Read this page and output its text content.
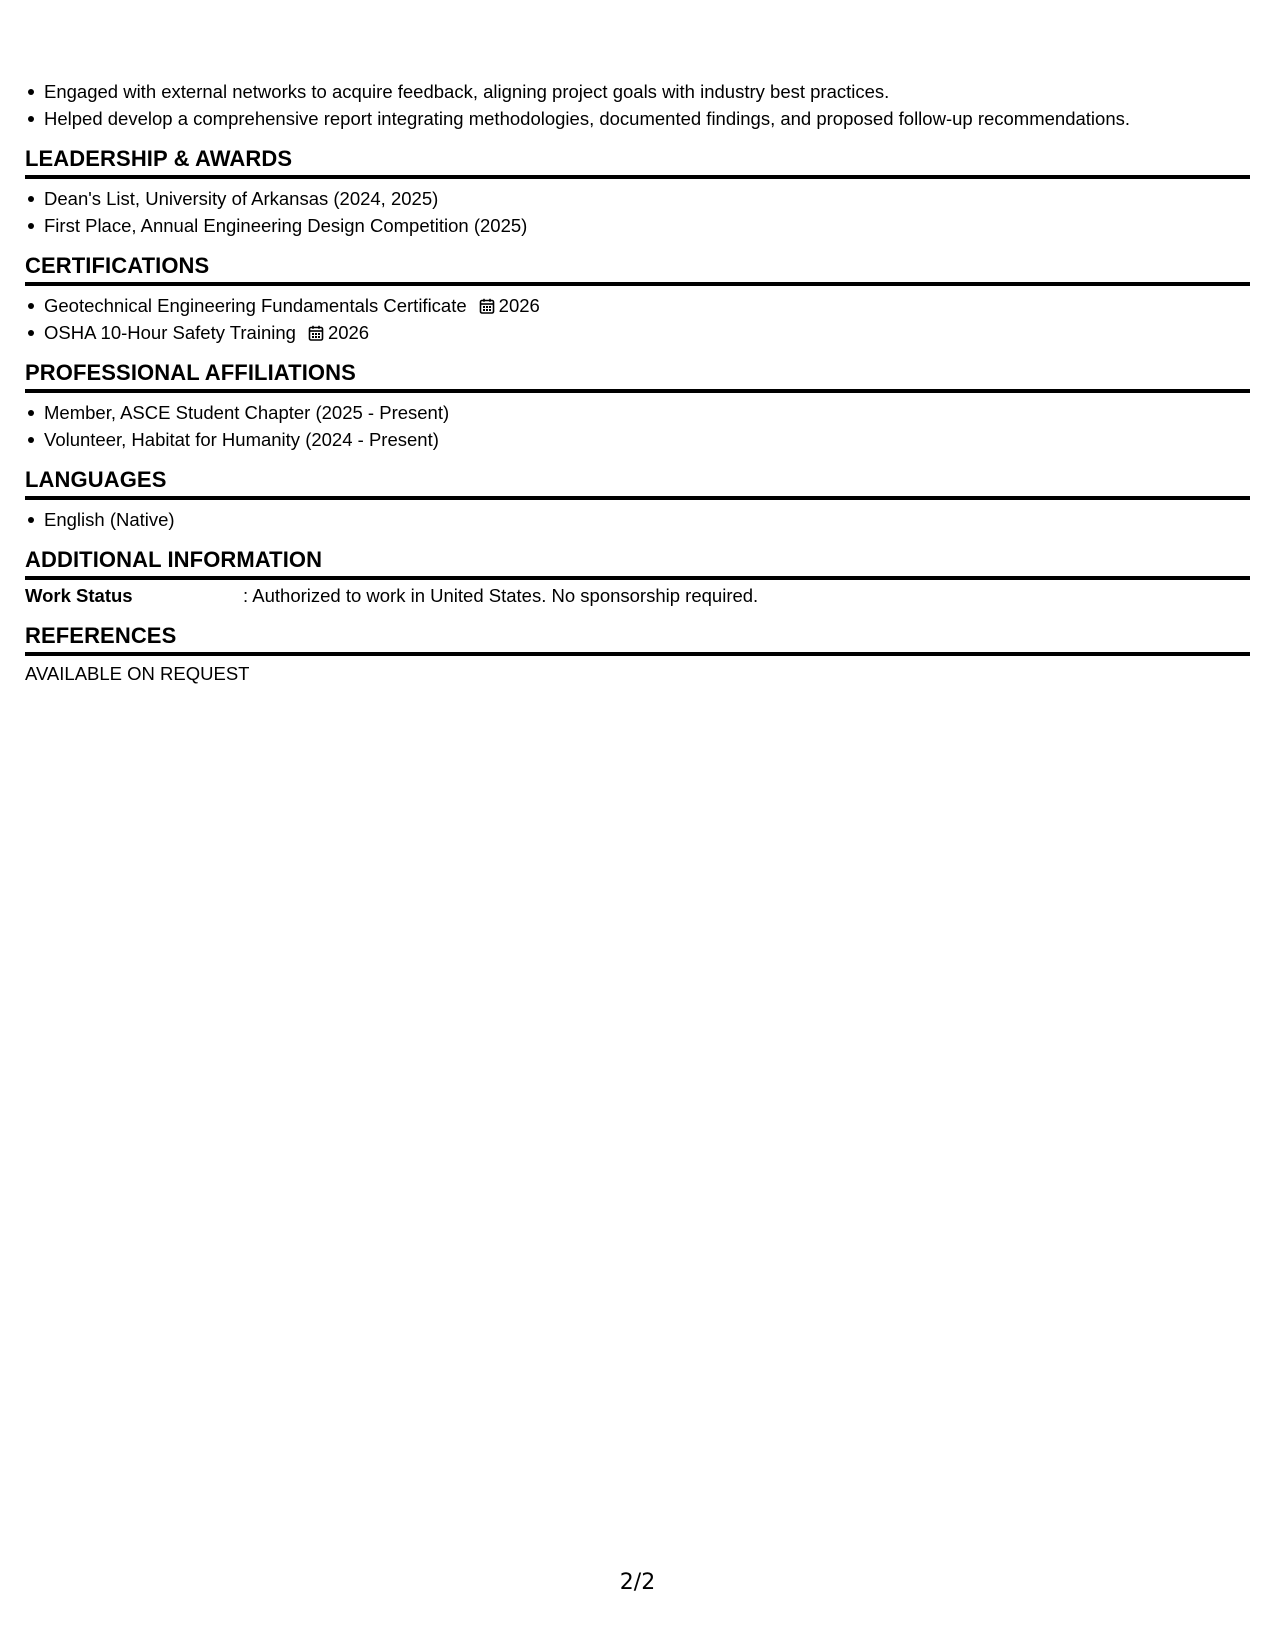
Engaged with external networks to acquire feedback, aligning project goals with industry best practices.
Helped develop a comprehensive report integrating methodologies, documented findings, and proposed follow-up recommendations.
LEADERSHIP & AWARDS
Dean's List, University of Arkansas (2024, 2025)
First Place, Annual Engineering Design Competition (2025)
CERTIFICATIONS
Geotechnical Engineering Fundamentals Certificate 2026
OSHA 10-Hour Safety Training 2026
PROFESSIONAL AFFILIATIONS
Member, ASCE Student Chapter (2025 - Present)
Volunteer, Habitat for Humanity (2024 - Present)
LANGUAGES
English (Native)
ADDITIONAL INFORMATION
Work Status	: Authorized to work in United States. No sponsorship required.
REFERENCES
AVAILABLE ON REQUEST
2/2
